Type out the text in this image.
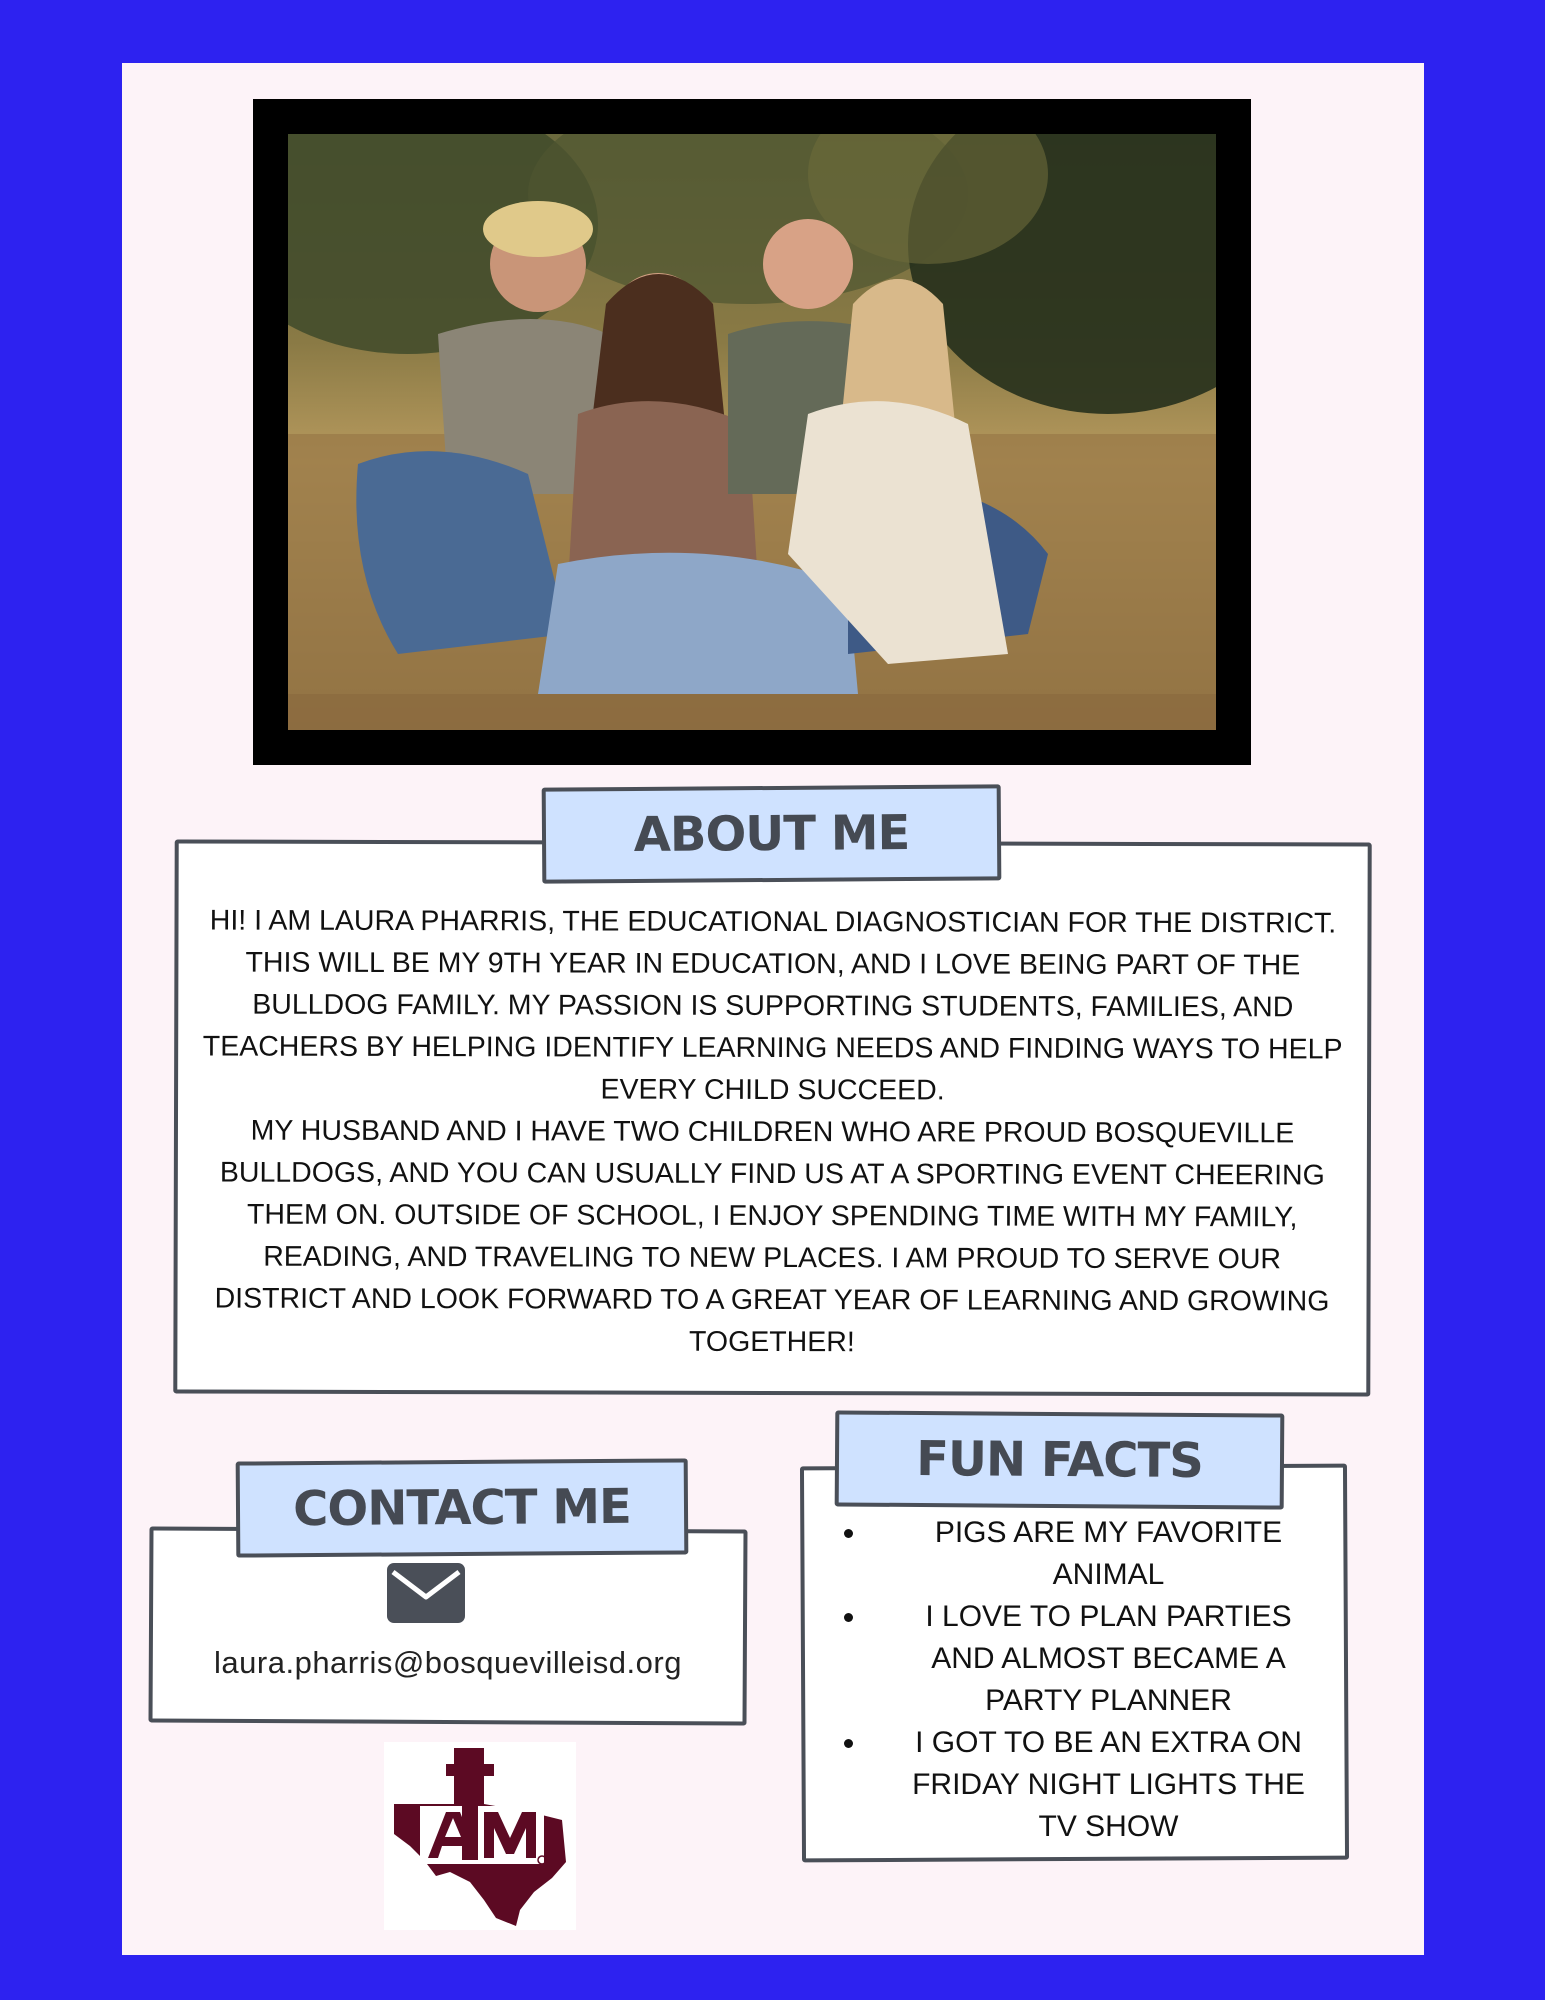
HI! I AM LAURA PHARRIS, THE EDUCATIONAL DIAGNOSTICIAN FOR THE DISTRICT. THIS WILL BE MY 9TH YEAR IN EDUCATION, AND I LOVE BEING PART OF THE BULLDOG FAMILY. MY PASSION IS SUPPORTING STUDENTS, FAMILIES, AND TEACHERS BY HELPING IDENTIFY LEARNING NEEDS AND FINDING WAYS TO HELP EVERY CHILD SUCCEED.

MY HUSBAND AND I HAVE TWO CHILDREN WHO ARE PROUD BOSQUEVILLE BULLDOGS, AND YOU CAN USUALLY FIND US AT A SPORTING EVENT CHEERING THEM ON. OUTSIDE OF SCHOOL, I ENJOY SPENDING TIME WITH MY FAMILY, READING, AND TRAVELING TO NEW PLACES. I AM PROUD TO SERVE OUR DISTRICT AND LOOK FORWARD TO A GREAT YEAR OF LEARNING AND GROWING TOGETHER!

ABOUT ME
CONTACT ME
laura.pharris@bosquevilleisd.org
FUN FACTS
PIGS ARE MY FAVORITE ANIMAL
I LOVE TO PLAN PARTIES AND ALMOST BECAME A PARTY PLANNER
I GOT TO BE AN EXTRA ON FRIDAY NIGHT LIGHTS THE TV SHOW
